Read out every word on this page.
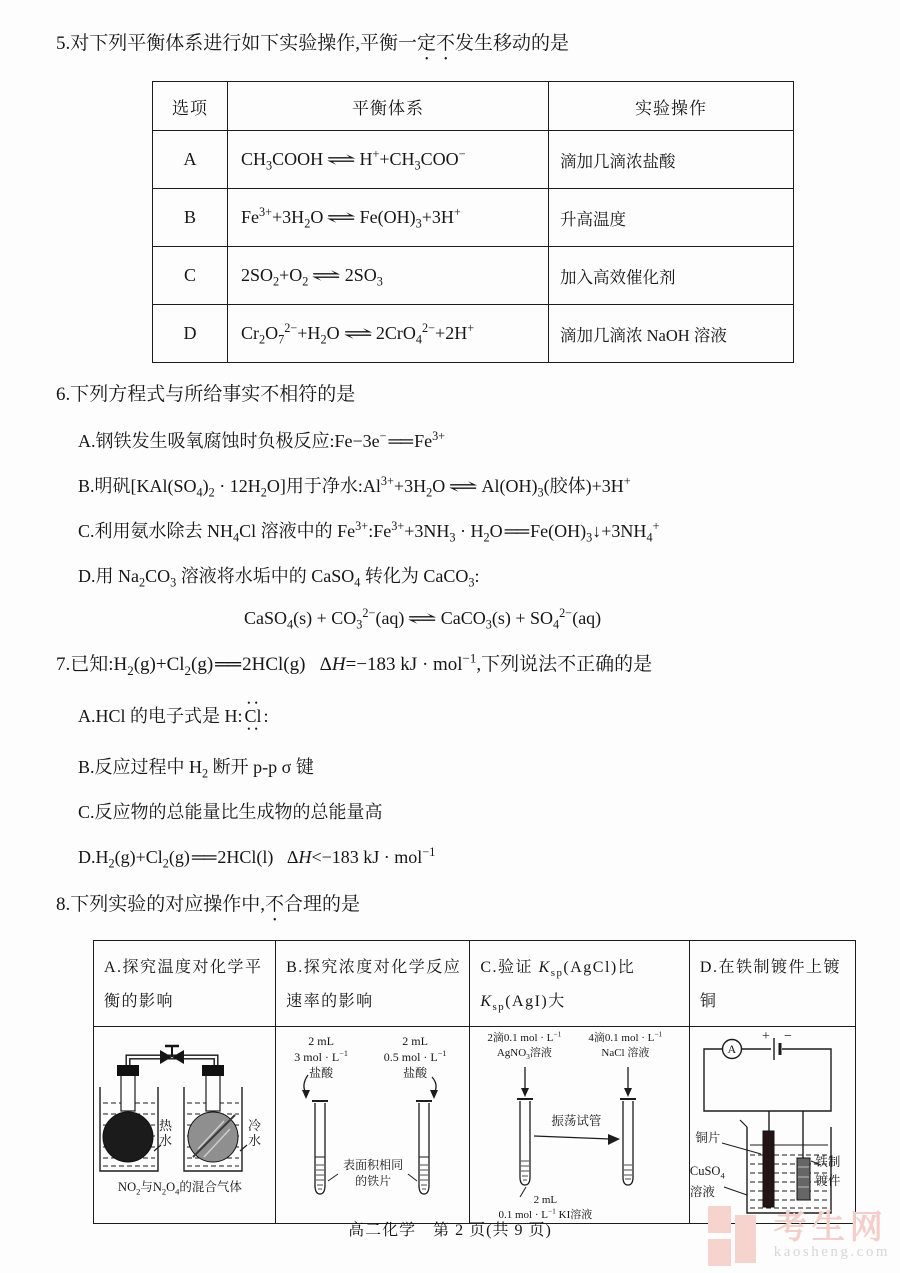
5.对下列平衡体系进行如下实验操作,平衡一定不发生移动的是
选项	平衡体系	实验操作
A	$CH_3COOH$ ⇌ $H^++CH_3COO^-$	滴加几滴浓盐酸
B	$Fe^{3+}+3H_2O$ ⇌ $Fe(OH)_3+3H^+$	升高温度
C	$2SO_2+O_2$ ⇌ $2SO_3$	加入高效催化剂
D	$Cr_2O_7^{2-}+H_2O$ ⇌ 2CrO$_4^{2-}$+2H+	滴加几滴浓 NaOH 溶液
6.下列方程式与所给事实不相符的是
A.钢铁发生吸氧腐蚀时负极反应:Fe−3e− ══ $Fe^{3+}$
B.明矾$[KAl(SO_4)_2 \cdot 12H_2O]$用于净水$:Al^{3+}+3H_2O$ ⇌ $Al(OH)_3$(胶体)+3H+
C.利用氨水除去 $NH_4Cl$ 溶液中的 $Fe^{3+}:Fe^{3+}+3NH_3 \cdot H_2O$ ══ $Fe(OH)_3↓+3NH_4^+$
D.用 $Na_2CO_3$ 溶液将水垢中的 CaSO$_4$ 转化为 CaCO$_3$:
CaSO$_4$(s) + $CO_3^{2-}(aq)$ ⇌ CaCO$_3$(s) + $SO_4^{2-}(aq)$
7.已知$:H_2(g)+Cl_2(g)$ ══ 2HCl(g)   ΔH=−183 kJ · mol$^{-1}$,下列说法不正确的是
A.HCl 的电子式是 H: • • Cl • • :
B.反应过程中 $H_2$ 断开 p-p σ 键
C.反应物的总能量比生成物的总能量高
$D.H_2(g)+Cl_2(g)$ ══ 2HCl(l)   ΔH<−183 kJ · mol$^{-1}$
8.下列实验的对应操作中,不合理的是
A.探究温度对化学平衡的影响	B.探究浓度对化学反应速率的影响	C.验证 $K_{sp}(AgCl)$比$K_{sp}(AgI)$大	D.在铁制镀件上镀铜

热
水
冷
水
$NO_2$与$N_2O_4$的混合气体

2 mL
3 mol · $L^{-1}$
盐酸
2 mL
0.5 mol · $L^{-1}$
盐酸
表面积相同
的铁片

2滴0.1 mol · $L^{-1}$
AgNO$_3$溶液
4滴0.1 mol · $L^{-1}$
NaCl 溶液
振荡试管
2 mL
0.1 mol · $L^{-1}$ KI溶液

+ −
A
铜片
CuSO$_4$
溶液
铁制
镀件
高二化学　第 2 页(共 9 页)	考生网
kaosheng.com
